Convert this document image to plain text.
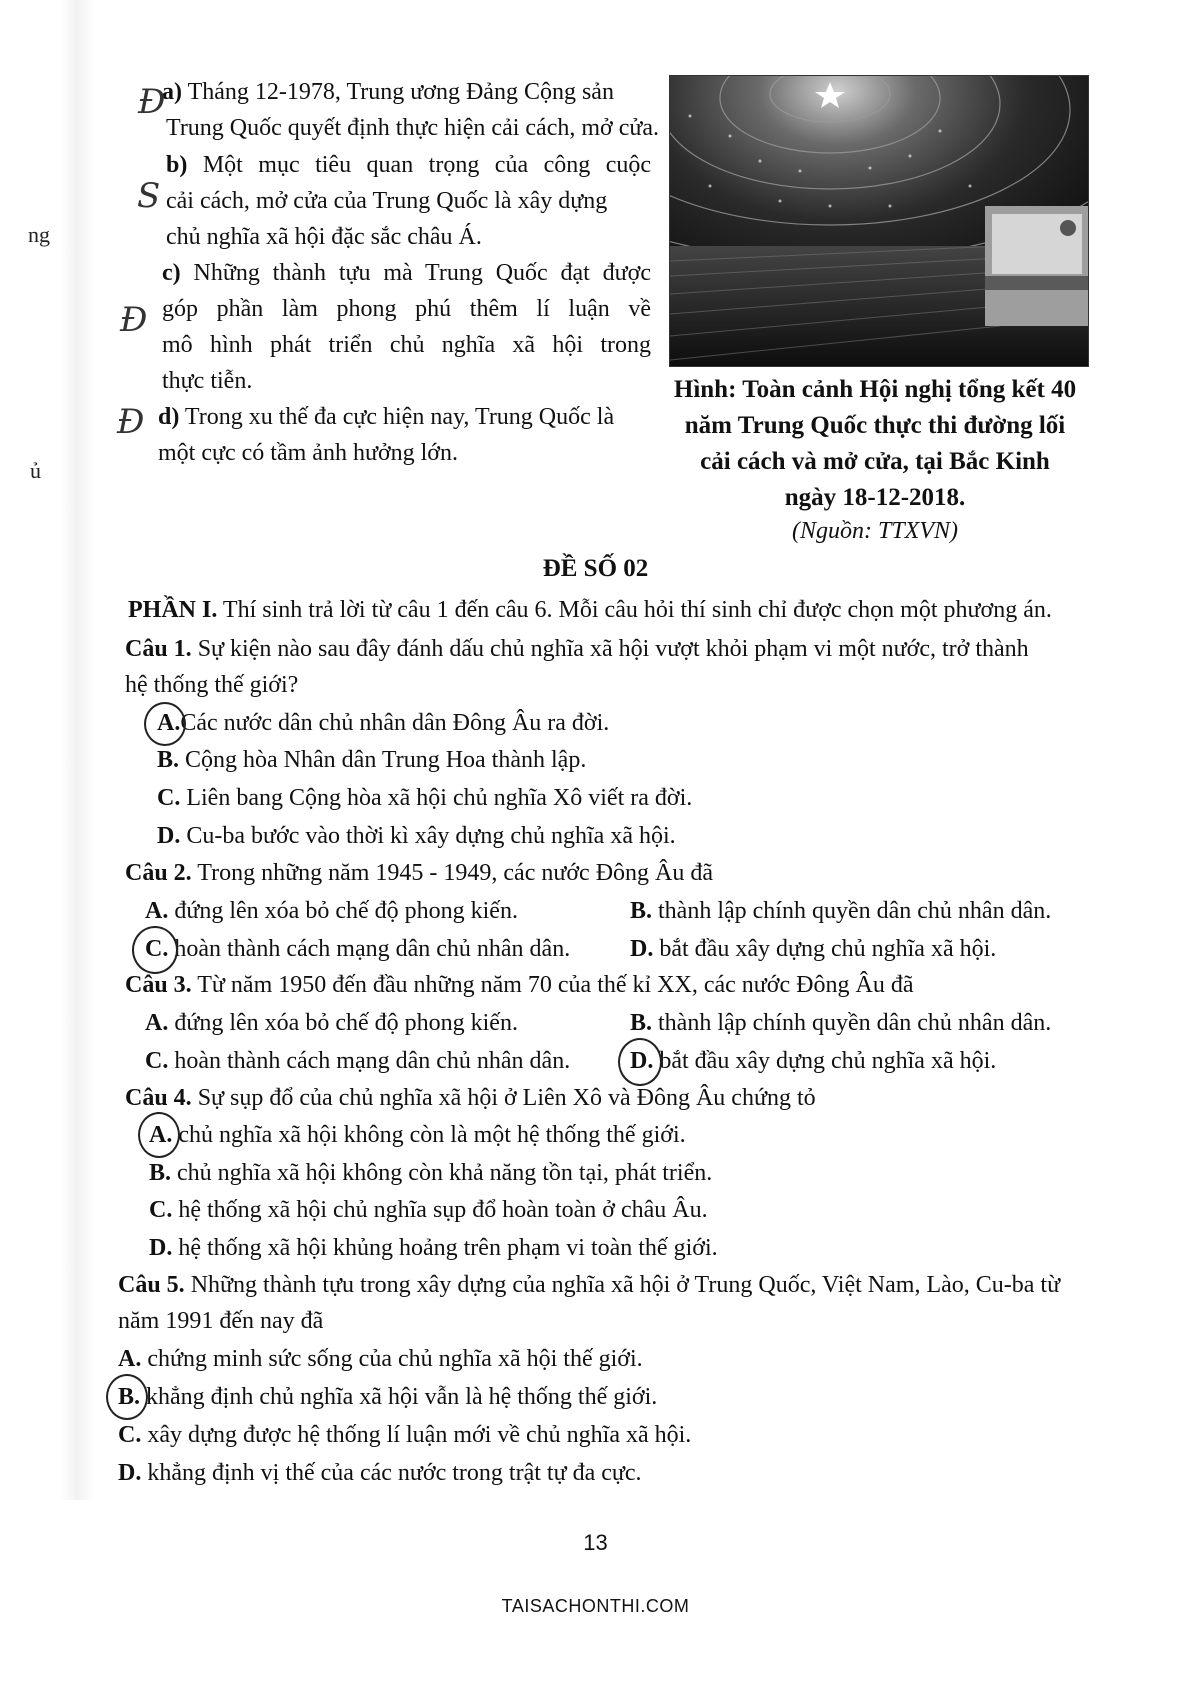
ng
ủ
a) Tháng 12-1978, Trung ương Đảng Cộng sản
Trung Quốc quyết định thực hiện cải cách, mở cửa.
Đ
b) Một mục tiêu quan trọng của công cuộc
cải cách, mở cửa của Trung Quốc là xây dựng
chủ nghĩa xã hội đặc sắc châu Á.
S
c) Những thành tựu mà Trung Quốc đạt được
góp phần làm phong phú thêm lí luận về
mô hình phát triển chủ nghĩa xã hội trong
thực tiễn.
Đ
d) Trong xu thế đa cực hiện nay, Trung Quốc là
một cực có tầm ảnh hưởng lớn.
Đ
Hình: Toàn cảnh Hội nghị tổng kết 40
năm Trung Quốc thực thi đường lối
cải cách và mở cửa, tại Bắc Kinh
ngày 18-12-2018.
(Nguồn: TTXVN)
ĐỀ SỐ 02
PHẦN I. Thí sinh trả lời từ câu 1 đến câu 6. Mỗi câu hỏi thí sinh chỉ được chọn một phương án.
Câu 1. Sự kiện nào sau đây đánh dấu chủ nghĩa xã hội vượt khỏi phạm vi một nước, trở thành
hệ thống thế giới?
A.Các nước dân chủ nhân dân Đông Âu ra đời.
B. Cộng hòa Nhân dân Trung Hoa thành lập.
C. Liên bang Cộng hòa xã hội chủ nghĩa Xô viết ra đời.
D. Cu-ba bước vào thời kì xây dựng chủ nghĩa xã hội.
Câu 2. Trong những năm 1945 - 1949, các nước Đông Âu đã
A. đứng lên xóa bỏ chế độ phong kiến.	B. thành lập chính quyền dân chủ nhân dân.
C. hoàn thành cách mạng dân chủ nhân dân. D. bắt đầu xây dựng chủ nghĩa xã hội.
Câu 3. Từ năm 1950 đến đầu những năm 70 của thế kỉ XX, các nước Đông Âu đã
A. đứng lên xóa bỏ chế độ phong kiến.	B. thành lập chính quyền dân chủ nhân dân.
C. hoàn thành cách mạng dân chủ nhân dân. D. bắt đầu xây dựng chủ nghĩa xã hội.
Câu 4. Sự sụp đổ của chủ nghĩa xã hội ở Liên Xô và Đông Âu chứng tỏ
A. chủ nghĩa xã hội không còn là một hệ thống thế giới.
B. chủ nghĩa xã hội không còn khả năng tồn tại, phát triển.
C. hệ thống xã hội chủ nghĩa sụp đổ hoàn toàn ở châu Âu.
D. hệ thống xã hội khủng hoảng trên phạm vi toàn thế giới.
Câu 5. Những thành tựu trong xây dựng của nghĩa xã hội ở Trung Quốc, Việt Nam, Lào, Cu-ba từ
năm 1991 đến nay đã
A. chứng minh sức sống của chủ nghĩa xã hội thế giới.
B. khẳng định chủ nghĩa xã hội vẫn là hệ thống thế giới.
C. xây dựng được hệ thống lí luận mới về chủ nghĩa xã hội.
D. khẳng định vị thế của các nước trong trật tự đa cực.
13
TAISACHONTHI.COM
